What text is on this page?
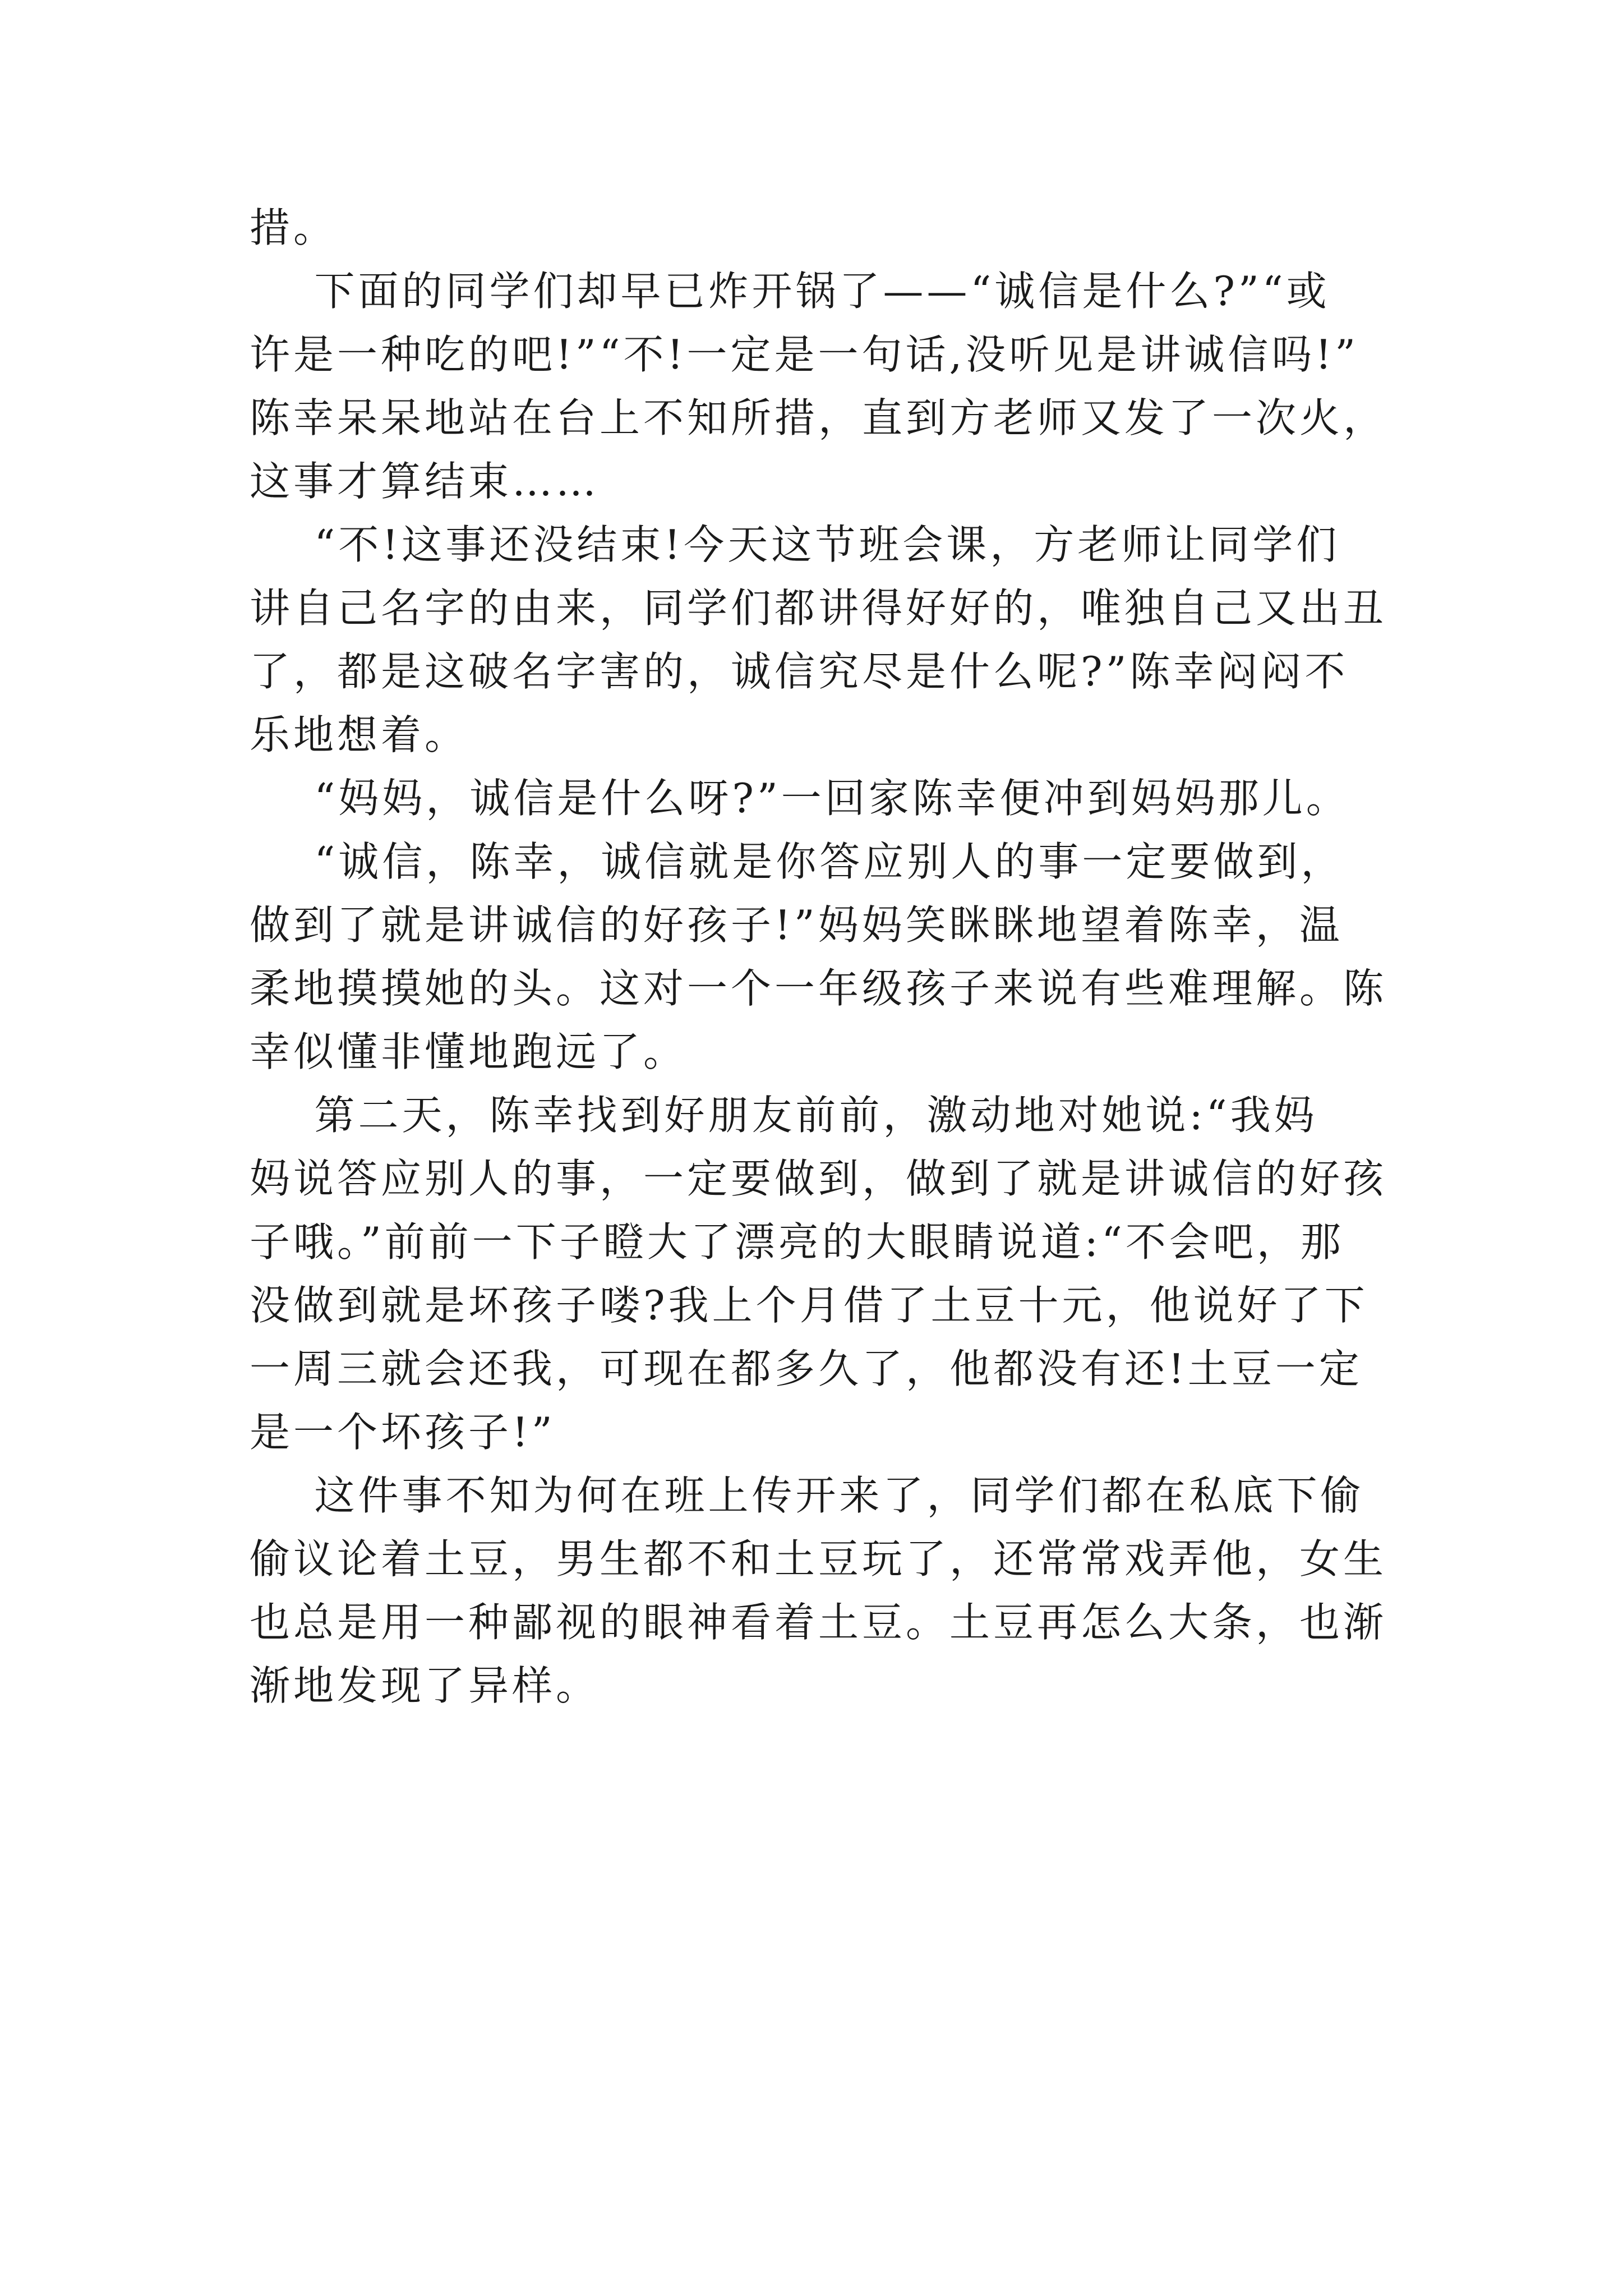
措。
下面的同学们却早已炸开锅了——“诚信是什么?”“或
许是一种吃的吧!”“不!一定是一句话,没听见是讲诚信吗!”
陈幸呆呆地站在台上不知所措，直到方老师又发了一次火，
这事才算结束……
“不!这事还没结束!今天这节班会课，方老师让同学们
讲自己名字的由来，同学们都讲得好好的，唯独自己又出丑
了，都是这破名字害的，诚信究尽是什么呢?”陈幸闷闷不
乐地想着。
“妈妈，诚信是什么呀?”一回家陈幸便冲到妈妈那儿。
“诚信，陈幸，诚信就是你答应别人的事一定要做到，
做到了就是讲诚信的好孩子!”妈妈笑眯眯地望着陈幸，温
柔地摸摸她的头。这对一个一年级孩子来说有些难理解。陈
幸似懂非懂地跑远了。
第二天，陈幸找到好朋友前前，激动地对她说:“我妈
妈说答应别人的事，一定要做到，做到了就是讲诚信的好孩
子哦。”前前一下子瞪大了漂亮的大眼睛说道:“不会吧，那
没做到就是坏孩子喽?我上个月借了土豆十元，他说好了下
一周三就会还我，可现在都多久了，他都没有还!土豆一定
是一个坏孩子!”
这件事不知为何在班上传开来了，同学们都在私底下偷
偷议论着土豆，男生都不和土豆玩了，还常常戏弄他，女生
也总是用一种鄙视的眼神看着土豆。土豆再怎么大条，也渐
渐地发现了异样。
